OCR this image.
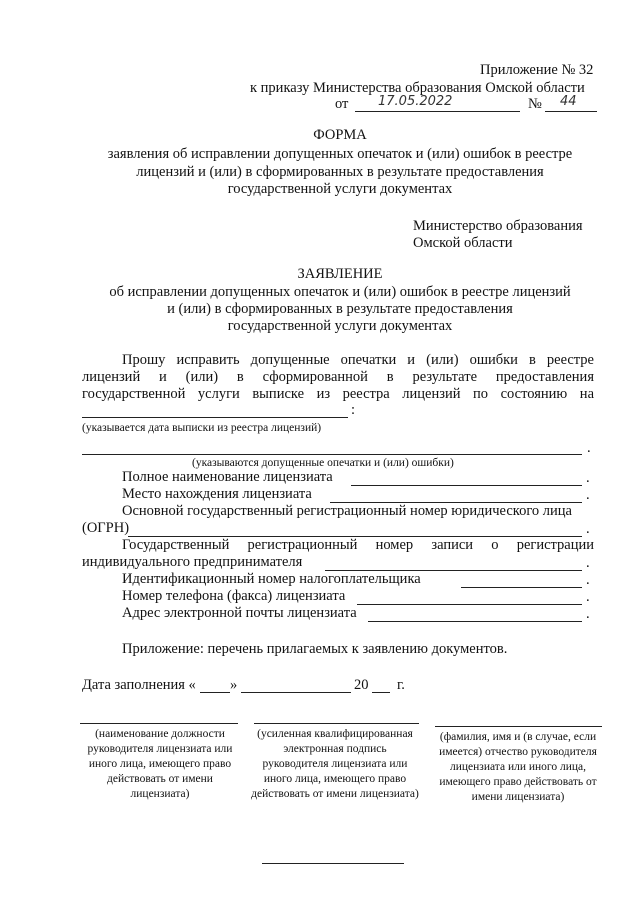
Приложение № 32
к приказу Министерства образования Омской области
от 17.05.2022	№ 44
ФОРМА
заявления об исправлении допущенных опечаток и (или) ошибок в реестре
лицензий и (или) в сформированных в результате предоставления
государственной услуги документах
Министерство образования
Омской области
ЗАЯВЛЕНИЕ
об исправлении допущенных опечаток и (или) ошибок в реестре лицензий
и (или) в сформированных в результате предоставления
государственной услуги документах
Прошу исправить допущенные опечатки и (или) ошибки в реестре
лицензий и (или) в сформированной в результате предоставления
государственной услуги выписке из реестра лицензий по состоянию на
:
(указывается дата выписки из реестра лицензий)
.
(указываются допущенные опечатки и (или) ошибки)
Полное наименование лицензиата	.
Место нахождения лицензиата	.
Основной государственный регистрационный номер юридического лица
(ОГРН)	.
Государственный регистрационный номер записи о регистрации
индивидуального предпринимателя	.
Идентификационный номер налогоплательщика	.
Номер телефона (факса) лицензиата	.
Адрес электронной почты лицензиата	.
Приложение: перечень прилагаемых к заявлению документов.
Дата заполнения « »	20 г.
(наименование должности руководителя лицензиата или иного лица, имеющего право действовать от имени лицензиата)
(усиленная квалифицированная электронная подпись руководителя лицензиата или иного лица, имеющего право действовать от имени лицензиата)
(фамилия, имя и (в случае, если имеется) отчество руководителя лицензиата или иного лица, имеющего право действовать от имени лицензиата)
